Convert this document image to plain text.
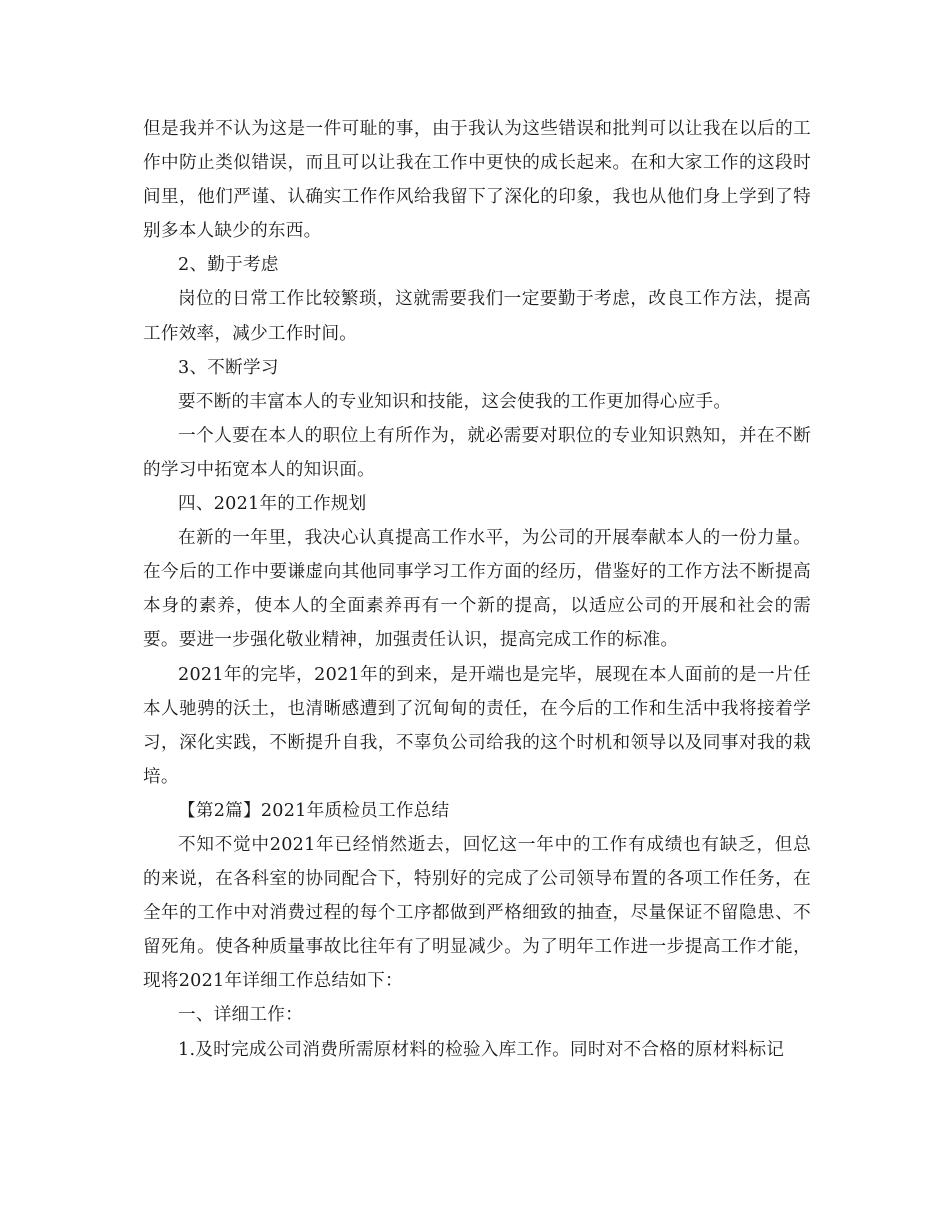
但是我并不认为这是一件可耻的事，由于我认为这些错误和批判可以让我在以后的工作中防止类似错误，而且可以让我在工作中更快的成长起来。在和大家工作的这段时间里，他们严谨、认确实工作作风给我留下了深化的印象，我也从他们身上学到了特别多本人缺少的东西。

2、勤于考虑

岗位的日常工作比较繁琐，这就需要我们一定要勤于考虑，改良工作方法，提高工作效率，减少工作时间。

3、不断学习

要不断的丰富本人的专业知识和技能，这会使我的工作更加得心应手。

一个人要在本人的职位上有所作为，就必需要对职位的专业知识熟知，并在不断的学习中拓宽本人的知识面。

四、2021年的工作规划

在新的一年里，我决心认真提高工作水平，为公司的开展奉献本人的一份力量。在今后的工作中要谦虚向其他同事学习工作方面的经历，借鉴好的工作方法不断提高本身的素养，使本人的全面素养再有一个新的提高，以适应公司的开展和社会的需要。要进一步强化敬业精神，加强责任认识，提高完成工作的标准。

2021年的完毕，2021年的到来，是开端也是完毕，展现在本人面前的是一片任本人驰骋的沃土，也清晰感遭到了沉甸甸的责任，在今后的工作和生活中我将接着学习，深化实践，不断提升自我，不辜负公司给我的这个时机和领导以及同事对我的栽培。

【第2篇】2021年质检员工作总结

不知不觉中2021年已经悄然逝去，回忆这一年中的工作有成绩也有缺乏，但总的来说，在各科室的协同配合下，特别好的完成了公司领导布置的各项工作任务，在全年的工作中对消费过程的每个工序都做到严格细致的抽查，尽量保证不留隐患、不留死角。使各种质量事故比往年有了明显减少。为了明年工作进一步提高工作才能，现将2021年详细工作总结如下：

一、详细工作：

1.及时完成公司消费所需原材料的检验入库工作。同时对不合格的原材料标记
